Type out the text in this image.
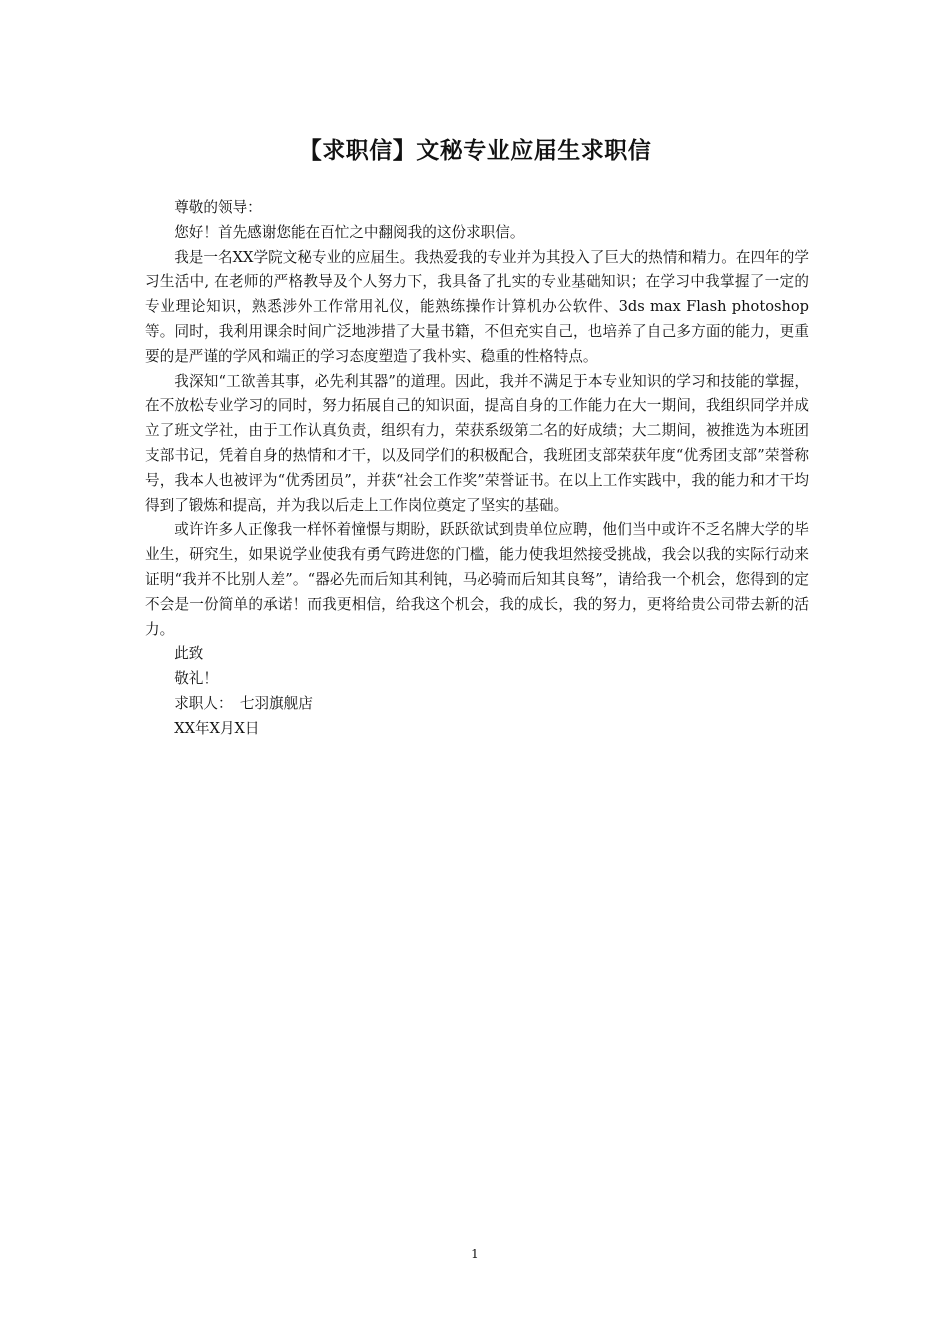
【求职信】文秘专业应届生求职信

尊敬的领导：

您好！首先感谢您能在百忙之中翻阅我的这份求职信。

我是一名XX学院文秘专业的应届生。我热爱我的专业并为其投入了巨大的热情和精力。在四年的学习生活中, 在老师的严格教导及个人努力下，我具备了扎实的专业基础知识；在学习中我掌握了一定的专业理论知识，熟悉涉外工作常用礼仪，能熟练操作计算机办公软件、3ds max Flash photoshop等。同时，我利用课余时间广泛地涉措了大量书籍，不但充实自己，也培养了自己多方面的能力，更重要的是严谨的学风和端正的学习态度塑造了我朴实、稳重的性格特点。

我深知“工欲善其事，必先利其器”的道理。因此，我并不满足于本专业知识的学习和技能的掌握，在不放松专业学习的同时，努力拓展自己的知识面，提高自身的工作能力在大一期间，我组织同学并成立了班文学社，由于工作认真负责，组织有力，荣获系级第二名的好成绩；大二期间，被推选为本班团支部书记，凭着自身的热情和才干，以及同学们的积极配合，我班团支部荣获年度“优秀团支部”荣誉称号，我本人也被评为“优秀团员”，并获“社会工作奖”荣誉证书。在以上工作实践中，我的能力和才干均得到了锻炼和提高，并为我以后走上工作岗位奠定了坚实的基础。

或许许多人正像我一样怀着憧憬与期盼，跃跃欲试到贵单位应聘，他们当中或许不乏名牌大学的毕业生，研究生，如果说学业使我有勇气跨进您的门槛，能力使我坦然接受挑战，我会以我的实际行动来证明“我并不比别人差”。“器必先而后知其利钝，马必骑而后知其良驽”，请给我一个机会，您得到的定不会是一份简单的承诺！而我更相信，给我这个机会，我的成长，我的努力，更将给贵公司带去新的活力。

此致

敬礼！

求职人：　七羽旗舰店

XX年X月X日

1
